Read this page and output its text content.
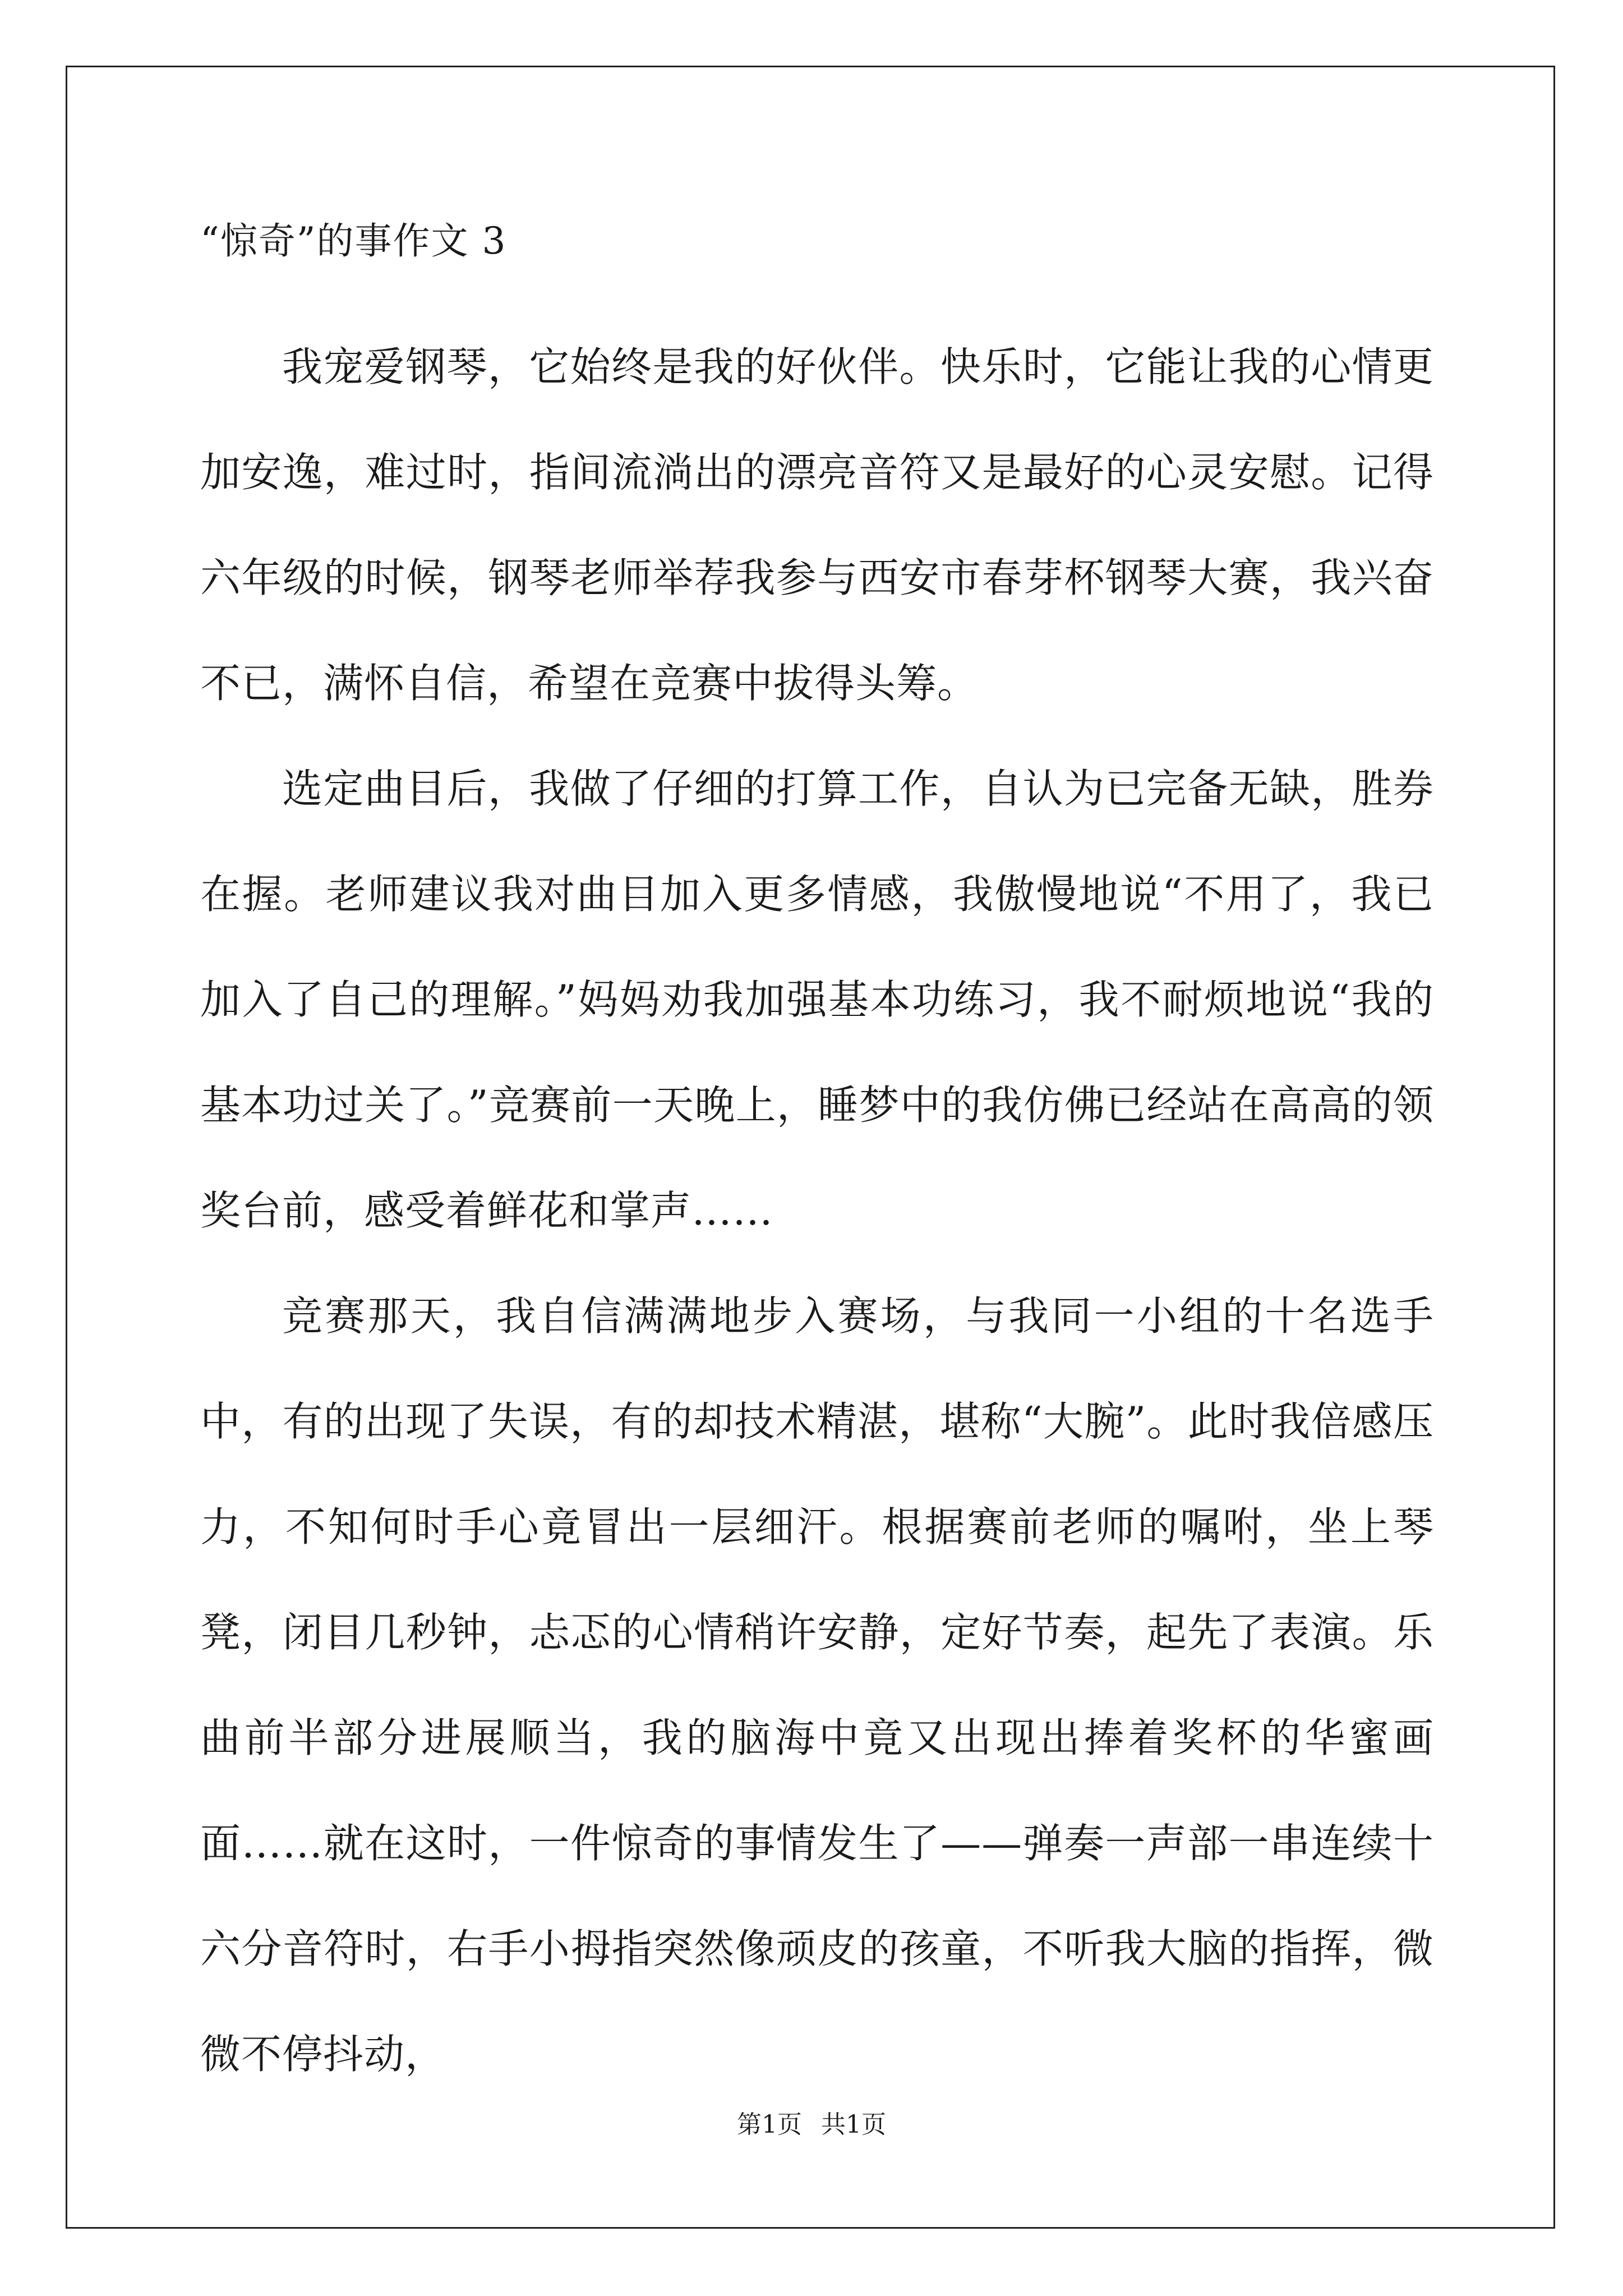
“惊奇”的事作文 3

我宠爱钢琴，它始终是我的好伙伴。快乐时，它能让我的心情更加安逸，难过时，指间流淌出的漂亮音符又是最好的心灵安慰。记得六年级的时候，钢琴老师举荐我参与西安市春芽杯钢琴大赛，我兴奋不已，满怀自信，希望在竞赛中拔得头筹。

选定曲目后，我做了仔细的打算工作，自认为已完备无缺，胜券在握。老师建议我对曲目加入更多情感，我傲慢地说“不用了，我已加入了自己的理解。”妈妈劝我加强基本功练习，我不耐烦地说“我的基本功过关了。”竞赛前一天晚上，睡梦中的我仿佛已经站在高高的领奖台前，感受着鲜花和掌声……

竞赛那天，我自信满满地步入赛场，与我同一小组的十名选手中，有的出现了失误，有的却技术精湛，堪称“大腕”。此时我倍感压力，不知何时手心竟冒出一层细汗。根据赛前老师的嘱咐，坐上琴凳，闭目几秒钟，忐忑的心情稍许安静，定好节奏，起先了表演。乐曲前半部分进展顺当，我的脑海中竟又出现出捧着奖杯的华蜜画面……就在这时，一件惊奇的事情发生了——弹奏一声部一串连续十六分音符时，右手小拇指突然像顽皮的孩童，不听我大脑的指挥，微微不停抖动，

第1页 共1页
